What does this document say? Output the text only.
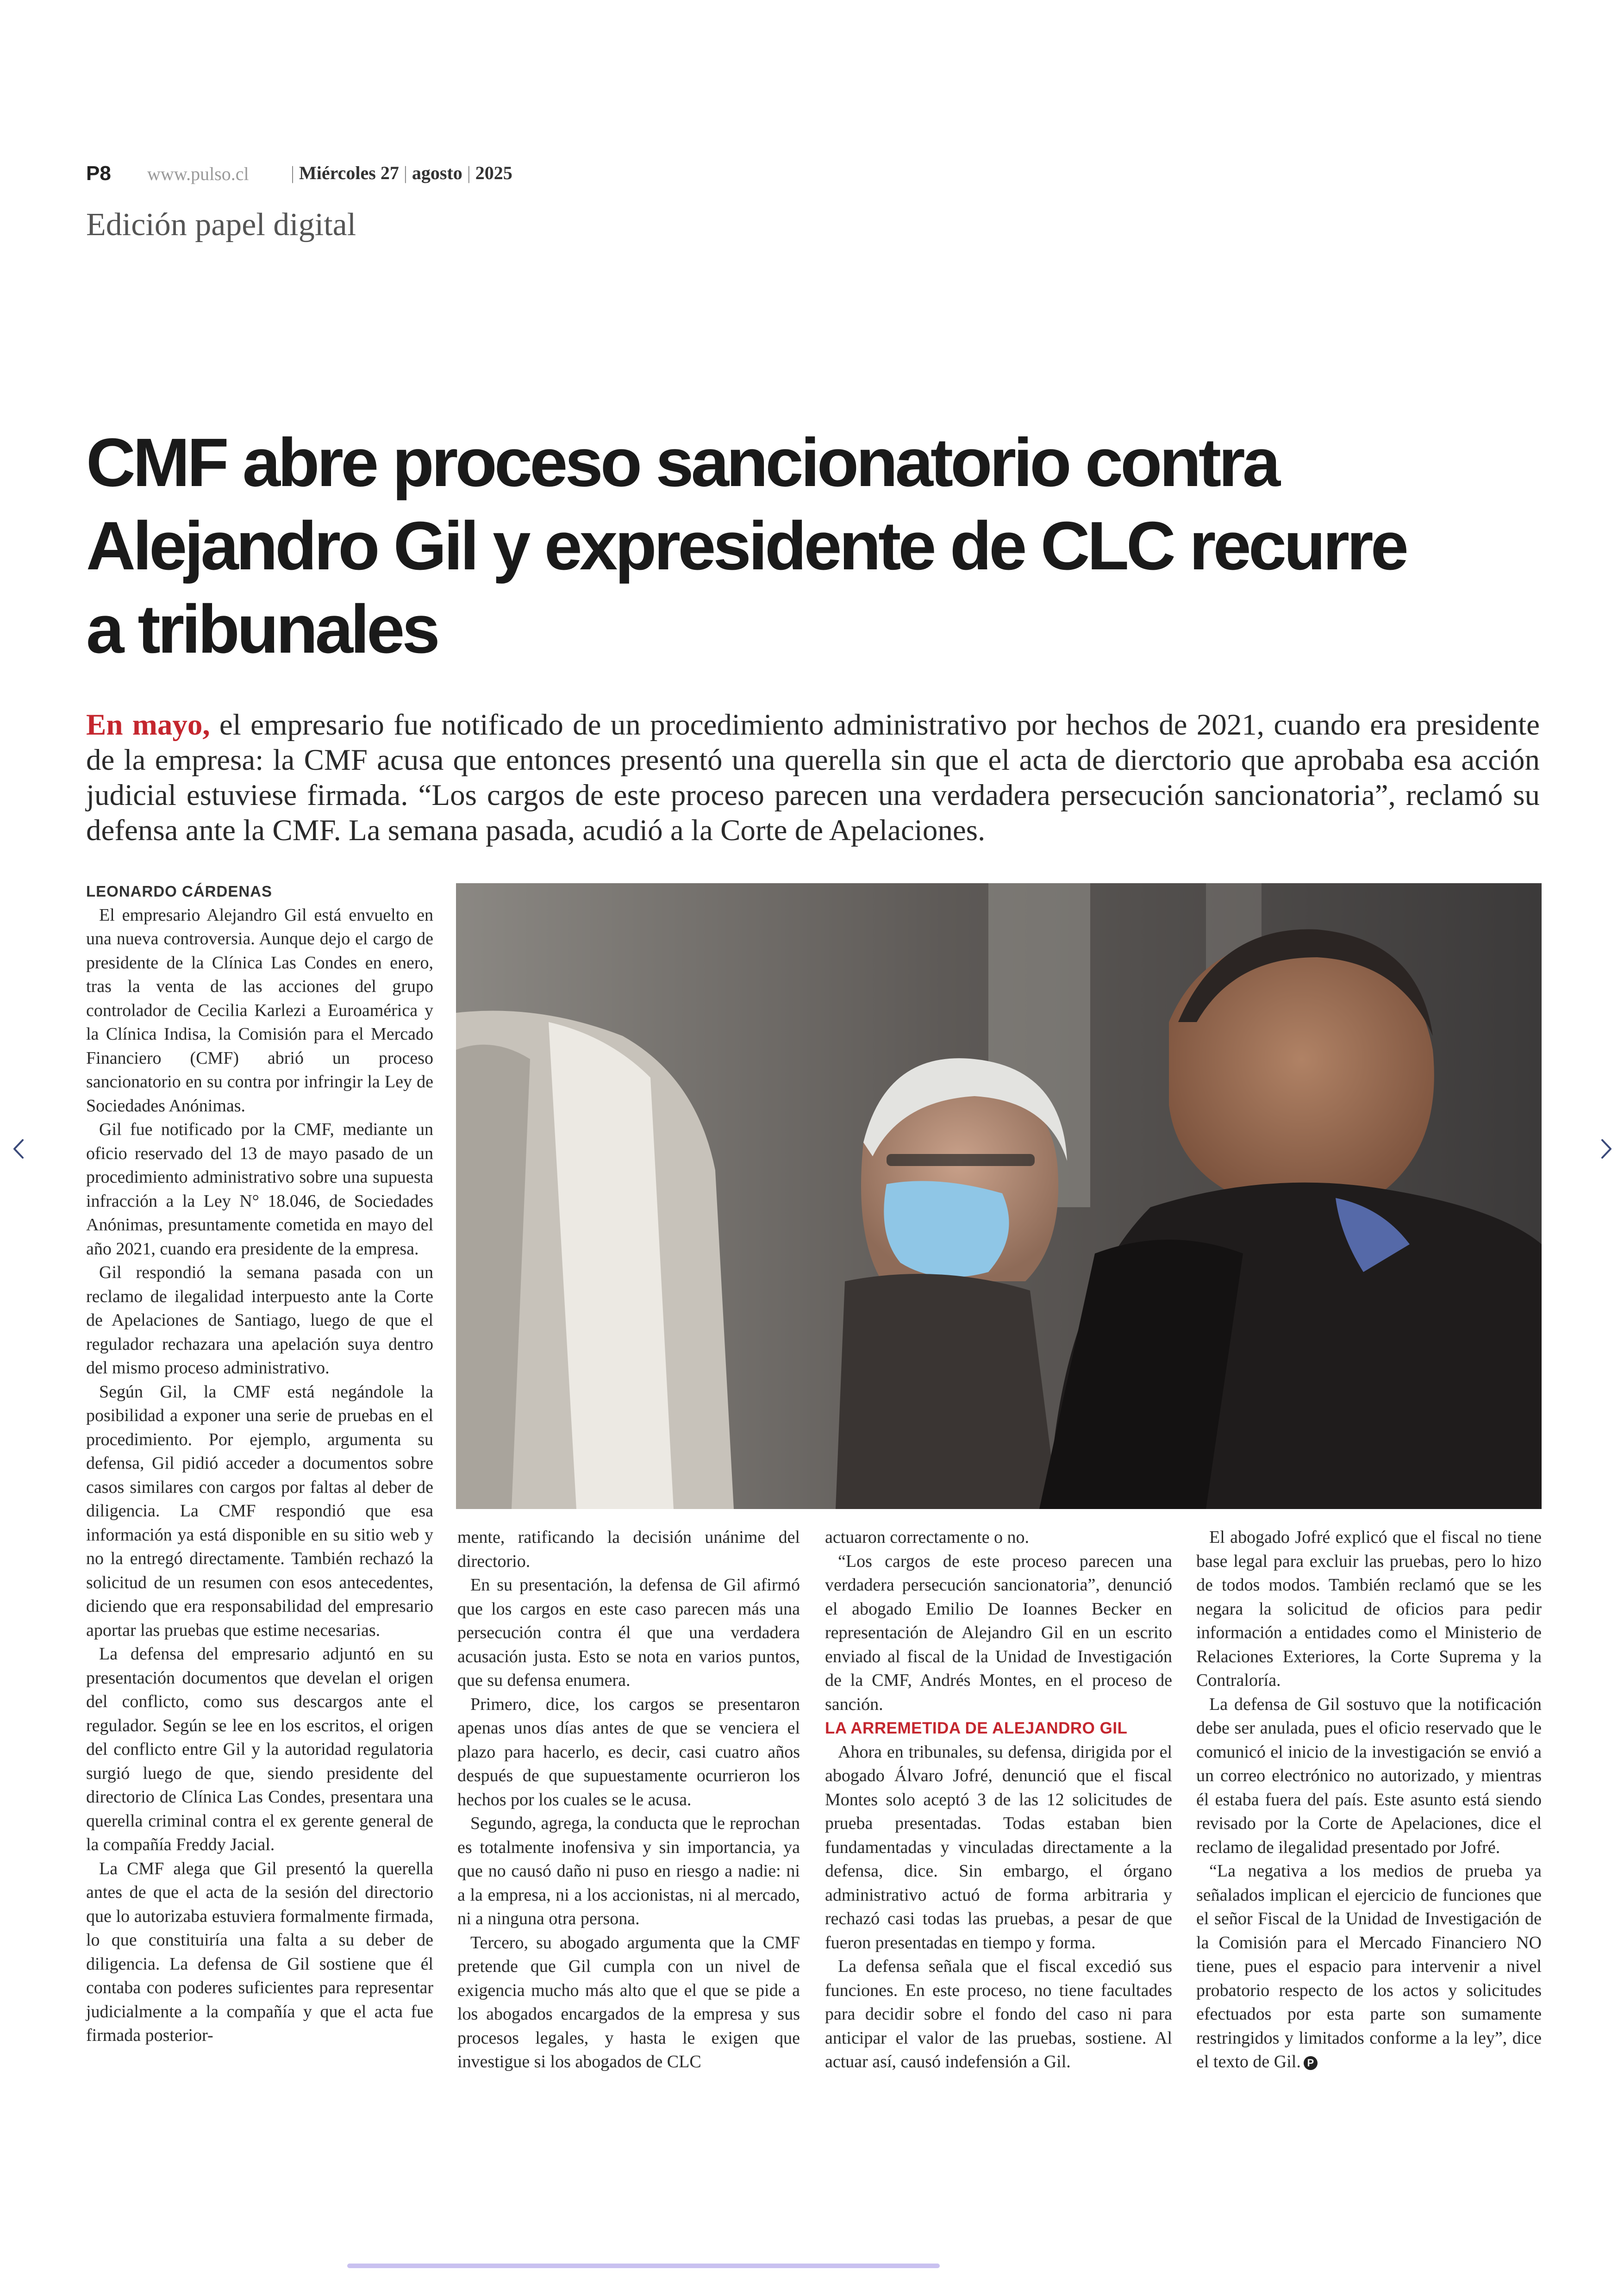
P8 www.pulso.cl | Miércoles 27 | agosto | 2025
Edición papel digital
CMF abre proceso sancionatorio contra Alejandro Gil y expresidente de CLC recurre a tribunales

En mayo, el empresario fue notificado de un procedimiento administrativo por hechos de 2021, cuando era presidente de la empresa: la CMF acusa que entonces presentó una querella sin que el acta de dierctorio que aprobaba esa acción judicial estuviese firmada. “Los cargos de este proceso parecen una verdadera persecución sancionatoria”, reclamó su defensa ante la CMF. La semana pasada, acudió a la Corte de Apelaciones.

LEONARDO CÁRDENAS

El empresario Alejandro Gil está envuelto en una nueva controversia. Aunque dejo el cargo de presidente de la Clínica Las Condes en enero, tras la venta de las acciones del grupo controlador de Cecilia Karlezi a Euroamérica y la Clínica Indisa, la Comisión para el Mercado Financiero (CMF) abrió un proceso sancionatorio en su contra por infringir la Ley de Sociedades Anónimas.

Gil fue notificado por la CMF, mediante un oficio reservado del 13 de mayo pasado de un procedimiento administrativo sobre una supuesta infracción a la Ley N° 18.046, de Sociedades Anónimas, presuntamente cometida en mayo del año 2021, cuando era presidente de la empresa.

Gil respondió la semana pasada con un reclamo de ilegalidad interpuesto ante la Corte de Apelaciones de Santiago, luego de que el regulador rechazara una apelación suya dentro del mismo proceso administrativo.

Según Gil, la CMF está negándole la posibilidad a exponer una serie de pruebas en el procedimiento. Por ejemplo, argumenta su defensa, Gil pidió acceder a documentos sobre casos similares con cargos por faltas al deber de diligencia. La CMF respondió que esa información ya está disponible en su sitio web y no la entregó directamente. También rechazó la solicitud de un resumen con esos antecedentes, diciendo que era responsabilidad del empresario aportar las pruebas que estime necesarias.

La defensa del empresario adjuntó en su presentación documentos que develan el origen del conflicto, como sus descargos ante el regulador. Según se lee en los escritos, el origen del conflicto entre Gil y la autoridad regulatoria surgió luego de que, siendo presidente del directorio de Clínica Las Condes, presentara una querella criminal contra el ex gerente general de la compañía Freddy Jacial.

La CMF alega que Gil presentó la querella antes de que el acta de la sesión del directorio que lo autorizaba estuviera formalmente firmada, lo que constituiría una falta a su deber de diligencia. La defensa de Gil sostiene que él contaba con poderes suficientes para representar judicialmente a la compañía y que el acta fue firmada posterior-

mente, ratificando la decisión unánime del directorio.

En su presentación, la defensa de Gil afirmó que los cargos en este caso parecen más una persecución contra él que una verdadera acusación justa. Esto se nota en varios puntos, que su defensa enumera.

Primero, dice, los cargos se presentaron apenas unos días antes de que se venciera el plazo para hacerlo, es decir, casi cuatro años después de que supuestamente ocurrieron los hechos por los cuales se le acusa.

Segundo, agrega, la conducta que le reprochan es totalmente inofensiva y sin importancia, ya que no causó daño ni puso en riesgo a nadie: ni a la empresa, ni a los accionistas, ni al mercado, ni a ninguna otra persona.

Tercero, su abogado argumenta que la CMF pretende que Gil cumpla con un nivel de exigencia mucho más alto que el que se pide a los abogados encargados de la empresa y sus procesos legales, y hasta le exigen que investigue si los abogados de CLC

actuaron correctamente o no.

“Los cargos de este proceso parecen una verdadera persecución sancionatoria”, denunció el abogado Emilio De Ioannes Becker en representación de Alejandro Gil en un escrito enviado al fiscal de la Unidad de Investigación de la CMF, Andrés Montes, en el proceso de sanción.

LA ARREMETIDA DE ALEJANDRO GIL

Ahora en tribunales, su defensa, dirigida por el abogado Álvaro Jofré, denunció que el fiscal Montes solo aceptó 3 de las 12 solicitudes de prueba presentadas. Todas estaban bien fundamentadas y vinculadas directamente a la defensa, dice. Sin embargo, el órgano administrativo actuó de forma arbitraria y rechazó casi todas las pruebas, a pesar de que fueron presentadas en tiempo y forma.

La defensa señala que el fiscal excedió sus funciones. En este proceso, no tiene facultades para decidir sobre el fondo del caso ni para anticipar el valor de las pruebas, sostiene. Al actuar así, causó indefensión a Gil.

El abogado Jofré explicó que el fiscal no tiene base legal para excluir las pruebas, pero lo hizo de todos modos. También reclamó que se les negara la solicitud de oficios para pedir información a entidades como el Ministerio de Relaciones Exteriores, la Corte Suprema y la Contraloría.

La defensa de Gil sostuvo que la notificación debe ser anulada, pues el oficio reservado que le comunicó el inicio de la investigación se envió a un correo electrónico no autorizado, y mientras él estaba fuera del país. Este asunto está siendo revisado por la Corte de Apelaciones, dice el reclamo de ilegalidad presentado por Jofré.

“La negativa a los medios de prueba ya señalados implican el ejercicio de funciones que el señor Fiscal de la Unidad de Investigación de la Comisión para el Mercado Financiero NO tiene, pues el espacio para intervenir a nivel probatorio respecto de los actos y solicitudes efectuados por esta parte son sumamente restringidos y limitados conforme a la ley”, dice el texto de Gil. P
